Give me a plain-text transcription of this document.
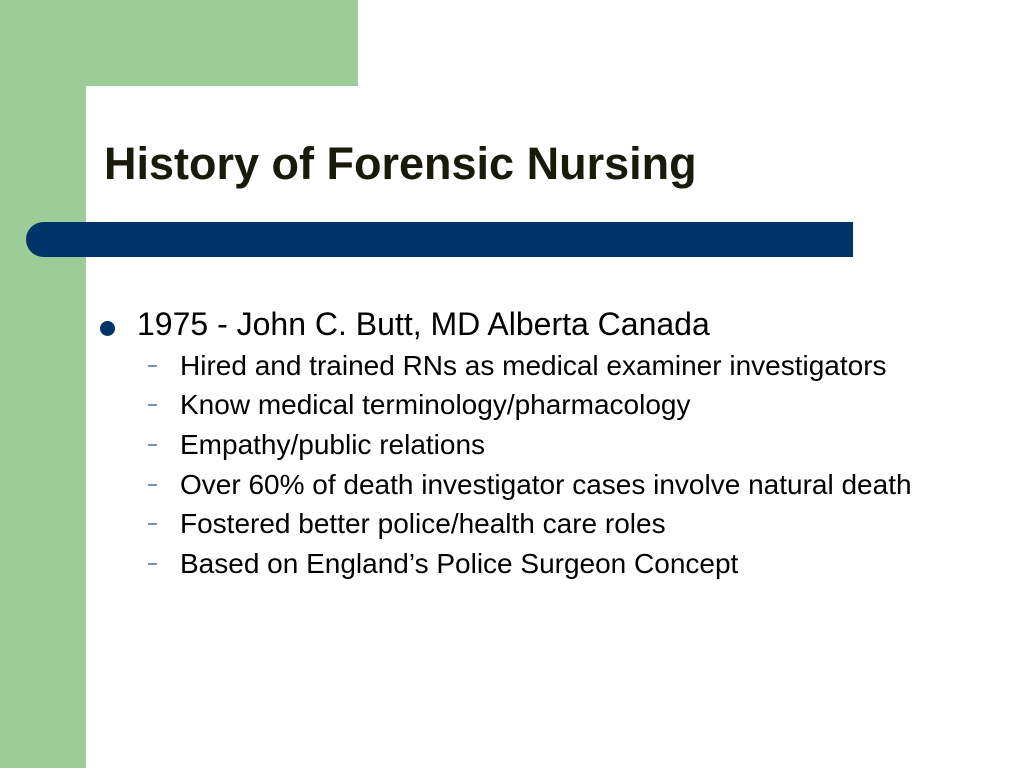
History of Forensic Nursing
1975 - John C. Butt, MD Alberta Canada
– Hired and trained RNs as medical examiner investigators
– Know medical terminology/pharmacology
– Empathy/public relations
– Over 60% of death investigator cases involve natural death
– Fostered better police/health care roles
– Based on England’s Police Surgeon Concept
